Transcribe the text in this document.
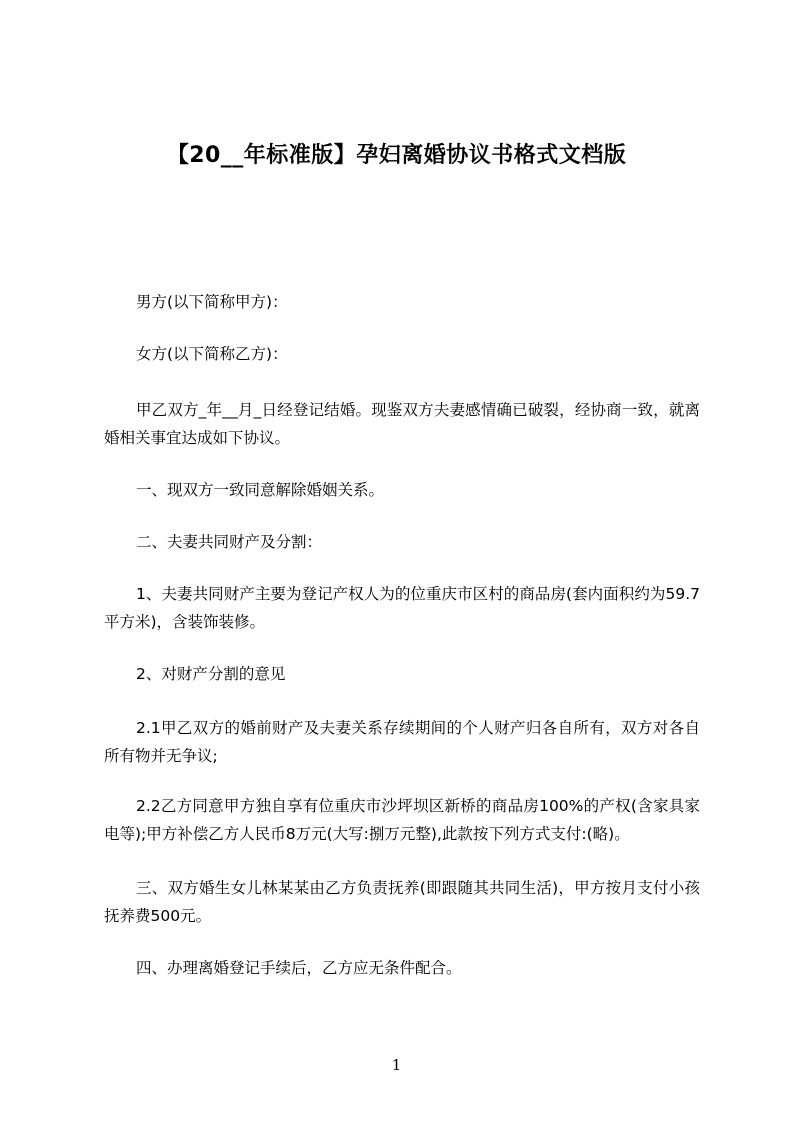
【20__年标准版】孕妇离婚协议书格式文档版
男方(以下简称甲方)：
女方(以下简称乙方)：
甲乙双方_年__月_日经登记结婚。现鉴双方夫妻感情确已破裂，经协商一致，就离婚相关事宜达成如下协议。
一、现双方一致同意解除婚姻关系。
二、夫妻共同财产及分割：
1、夫妻共同财产主要为登记产权人为的位重庆市区村的商品房(套内面积约为59.7平方米)，含装饰装修。
2、对财产分割的意见
2.1甲乙双方的婚前财产及夫妻关系存续期间的个人财产归各自所有，双方对各自所有物并无争议;
2.2乙方同意甲方独自享有位重庆市沙坪坝区新桥的商品房100%的产权(含家具家电等);甲方补偿乙方人民币8万元(大写:捌万元整),此款按下列方式支付:(略)。
三、双方婚生女儿林某某由乙方负责抚养(即跟随其共同生活)，甲方按月支付小孩抚养费500元。
四、办理离婚登记手续后，乙方应无条件配合。
1
